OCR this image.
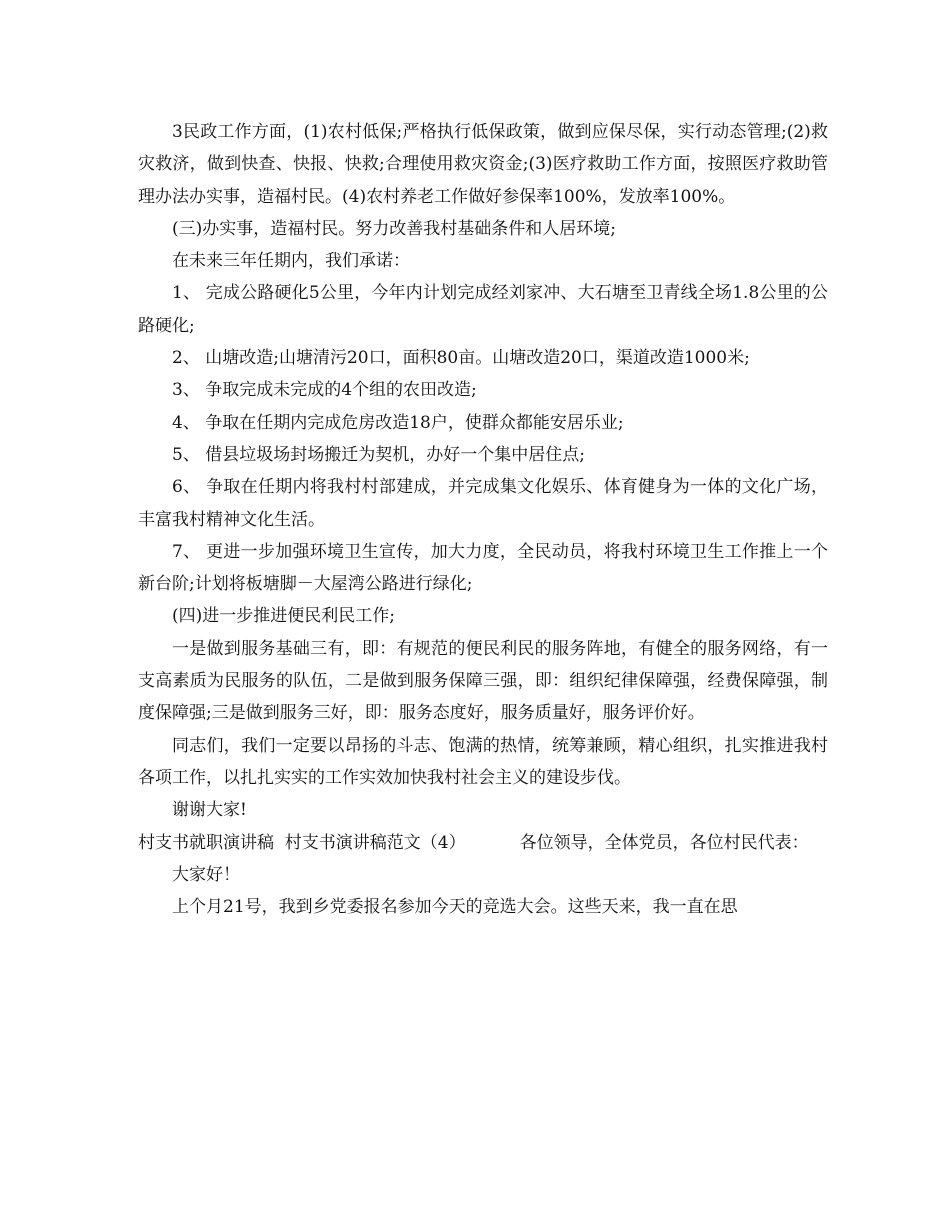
3民政工作方面，(1)农村低保;严格执行低保政策，做到应保尽保，实行动态管理;(2)救灾救济，做到快查、快报、快救;合理使用救灾资金;(3)医疗救助工作方面，按照医疗救助管理办法办实事，造福村民。(4)农村养老工作做好参保率100%，发放率100%。

(三)办实事，造福村民。努力改善我村基础条件和人居环境;

在未来三年任期内，我们承诺：

1、 完成公路硬化5公里，今年内计划完成经刘家冲、大石塘至卫青线全场1.8公里的公路硬化;

2、 山塘改造;山塘清污20口，面积80亩。山塘改造20口，渠道改造1000米;

3、 争取完成未完成的4个组的农田改造;

4、 争取在任期内完成危房改造18户，使群众都能安居乐业;

5、 借县垃圾场封场搬迁为契机，办好一个集中居住点;

6、 争取在任期内将我村村部建成，并完成集文化娱乐、体育健身为一体的文化广场，丰富我村精神文化生活。

7、 更进一步加强环境卫生宣传，加大力度，全民动员，将我村环境卫生工作推上一个新台阶;计划将板塘脚－大屋湾公路进行绿化;

(四)进一步推进便民利民工作;

一是做到服务基础三有，即：有规范的便民利民的服务阵地，有健全的服务网络，有一支高素质为民服务的队伍，二是做到服务保障三强，即：组织纪律保障强，经费保障强，制度保障强;三是做到服务三好，即：服务态度好，服务质量好，服务评价好。

同志们，我们一定要以昂扬的斗志、饱满的热情，统筹兼顾，精心组织，扎实推进我村各项工作，以扎扎实实的工作实效加快我村社会主义的建设步伐。

谢谢大家!

村支书就职演讲稿  村支书演讲稿范文（4）          各位领导，全体党员，各位村民代表：

大家好！

上个月21号，我到乡党委报名参加今天的竞选大会。这些天来，我一直在思
